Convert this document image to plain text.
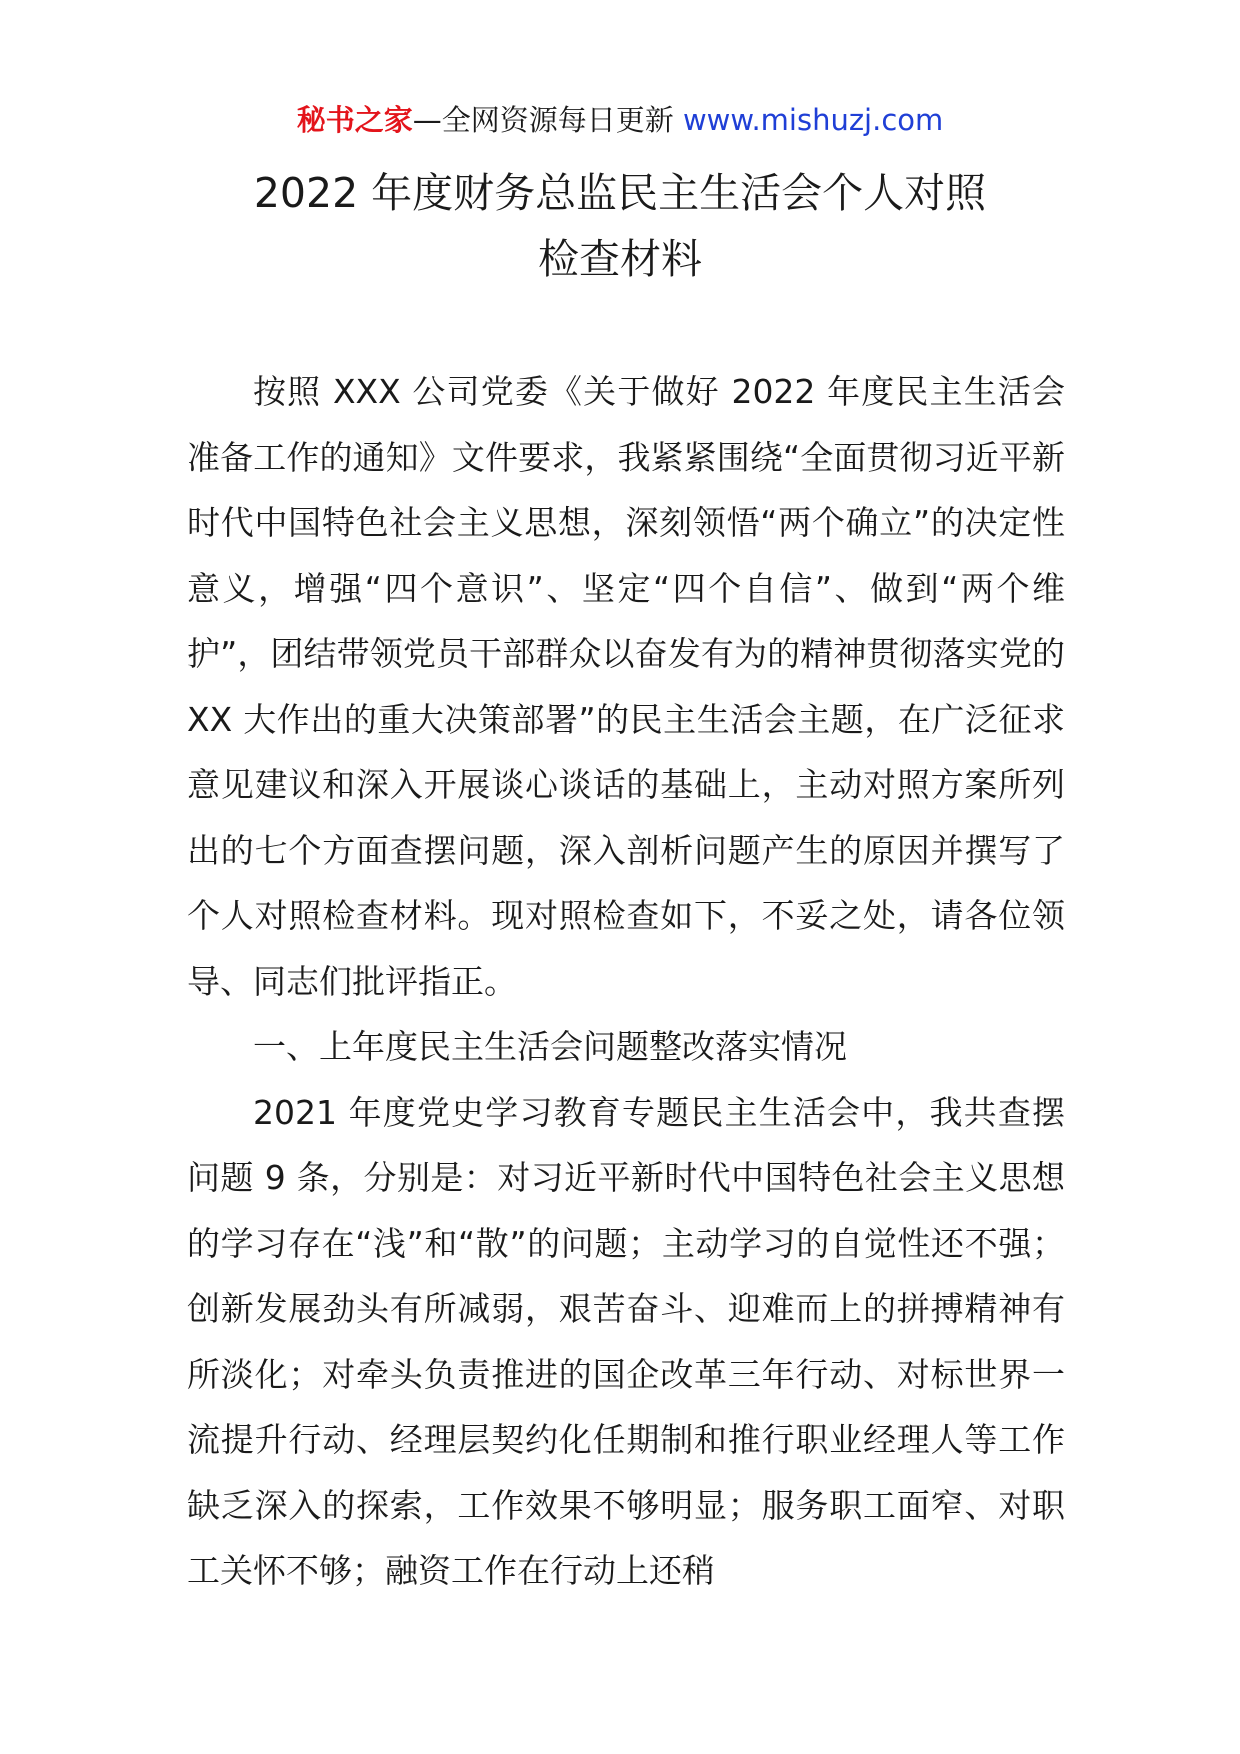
秘书之家—全网资源每日更新 www.mishuzj.com
2022 年度财务总监民主生活会个人对照
检查材料

按照 XXX 公司党委《关于做好 2022 年度民主生活会准备工作的通知》文件要求，我紧紧围绕“全面贯彻习近平新时代中国特色社会主义思想，深刻领悟“两个确立”的决定性意义，增强“四个意识”、坚定“四个自信”、做到“两个维护”，团结带领党员干部群众以奋发有为的精神贯彻落实党的 XX 大作出的重大决策部署”的民主生活会主题，在广泛征求意见建议和深入开展谈心谈话的基础上，主动对照方案所列出的七个方面查摆问题，深入剖析问题产生的原因并撰写了个人对照检查材料。现对照检查如下，不妥之处，请各位领导、同志们批评指正。

一、上年度民主生活会问题整改落实情况

2021 年度党史学习教育专题民主生活会中，我共查摆问题 9 条，分别是：对习近平新时代中国特色社会主义思想的学习存在“浅”和“散”的问题；主动学习的自觉性还不强；创新发展劲头有所减弱，艰苦奋斗、迎难而上的拼搏精神有所淡化；对牵头负责推进的国企改革三年行动、对标世界一流提升行动、经理层契约化任期制和推行职业经理人等工作缺乏深入的探索，工作效果不够明显；服务职工面窄、对职工关怀不够；融资工作在行动上还稍
